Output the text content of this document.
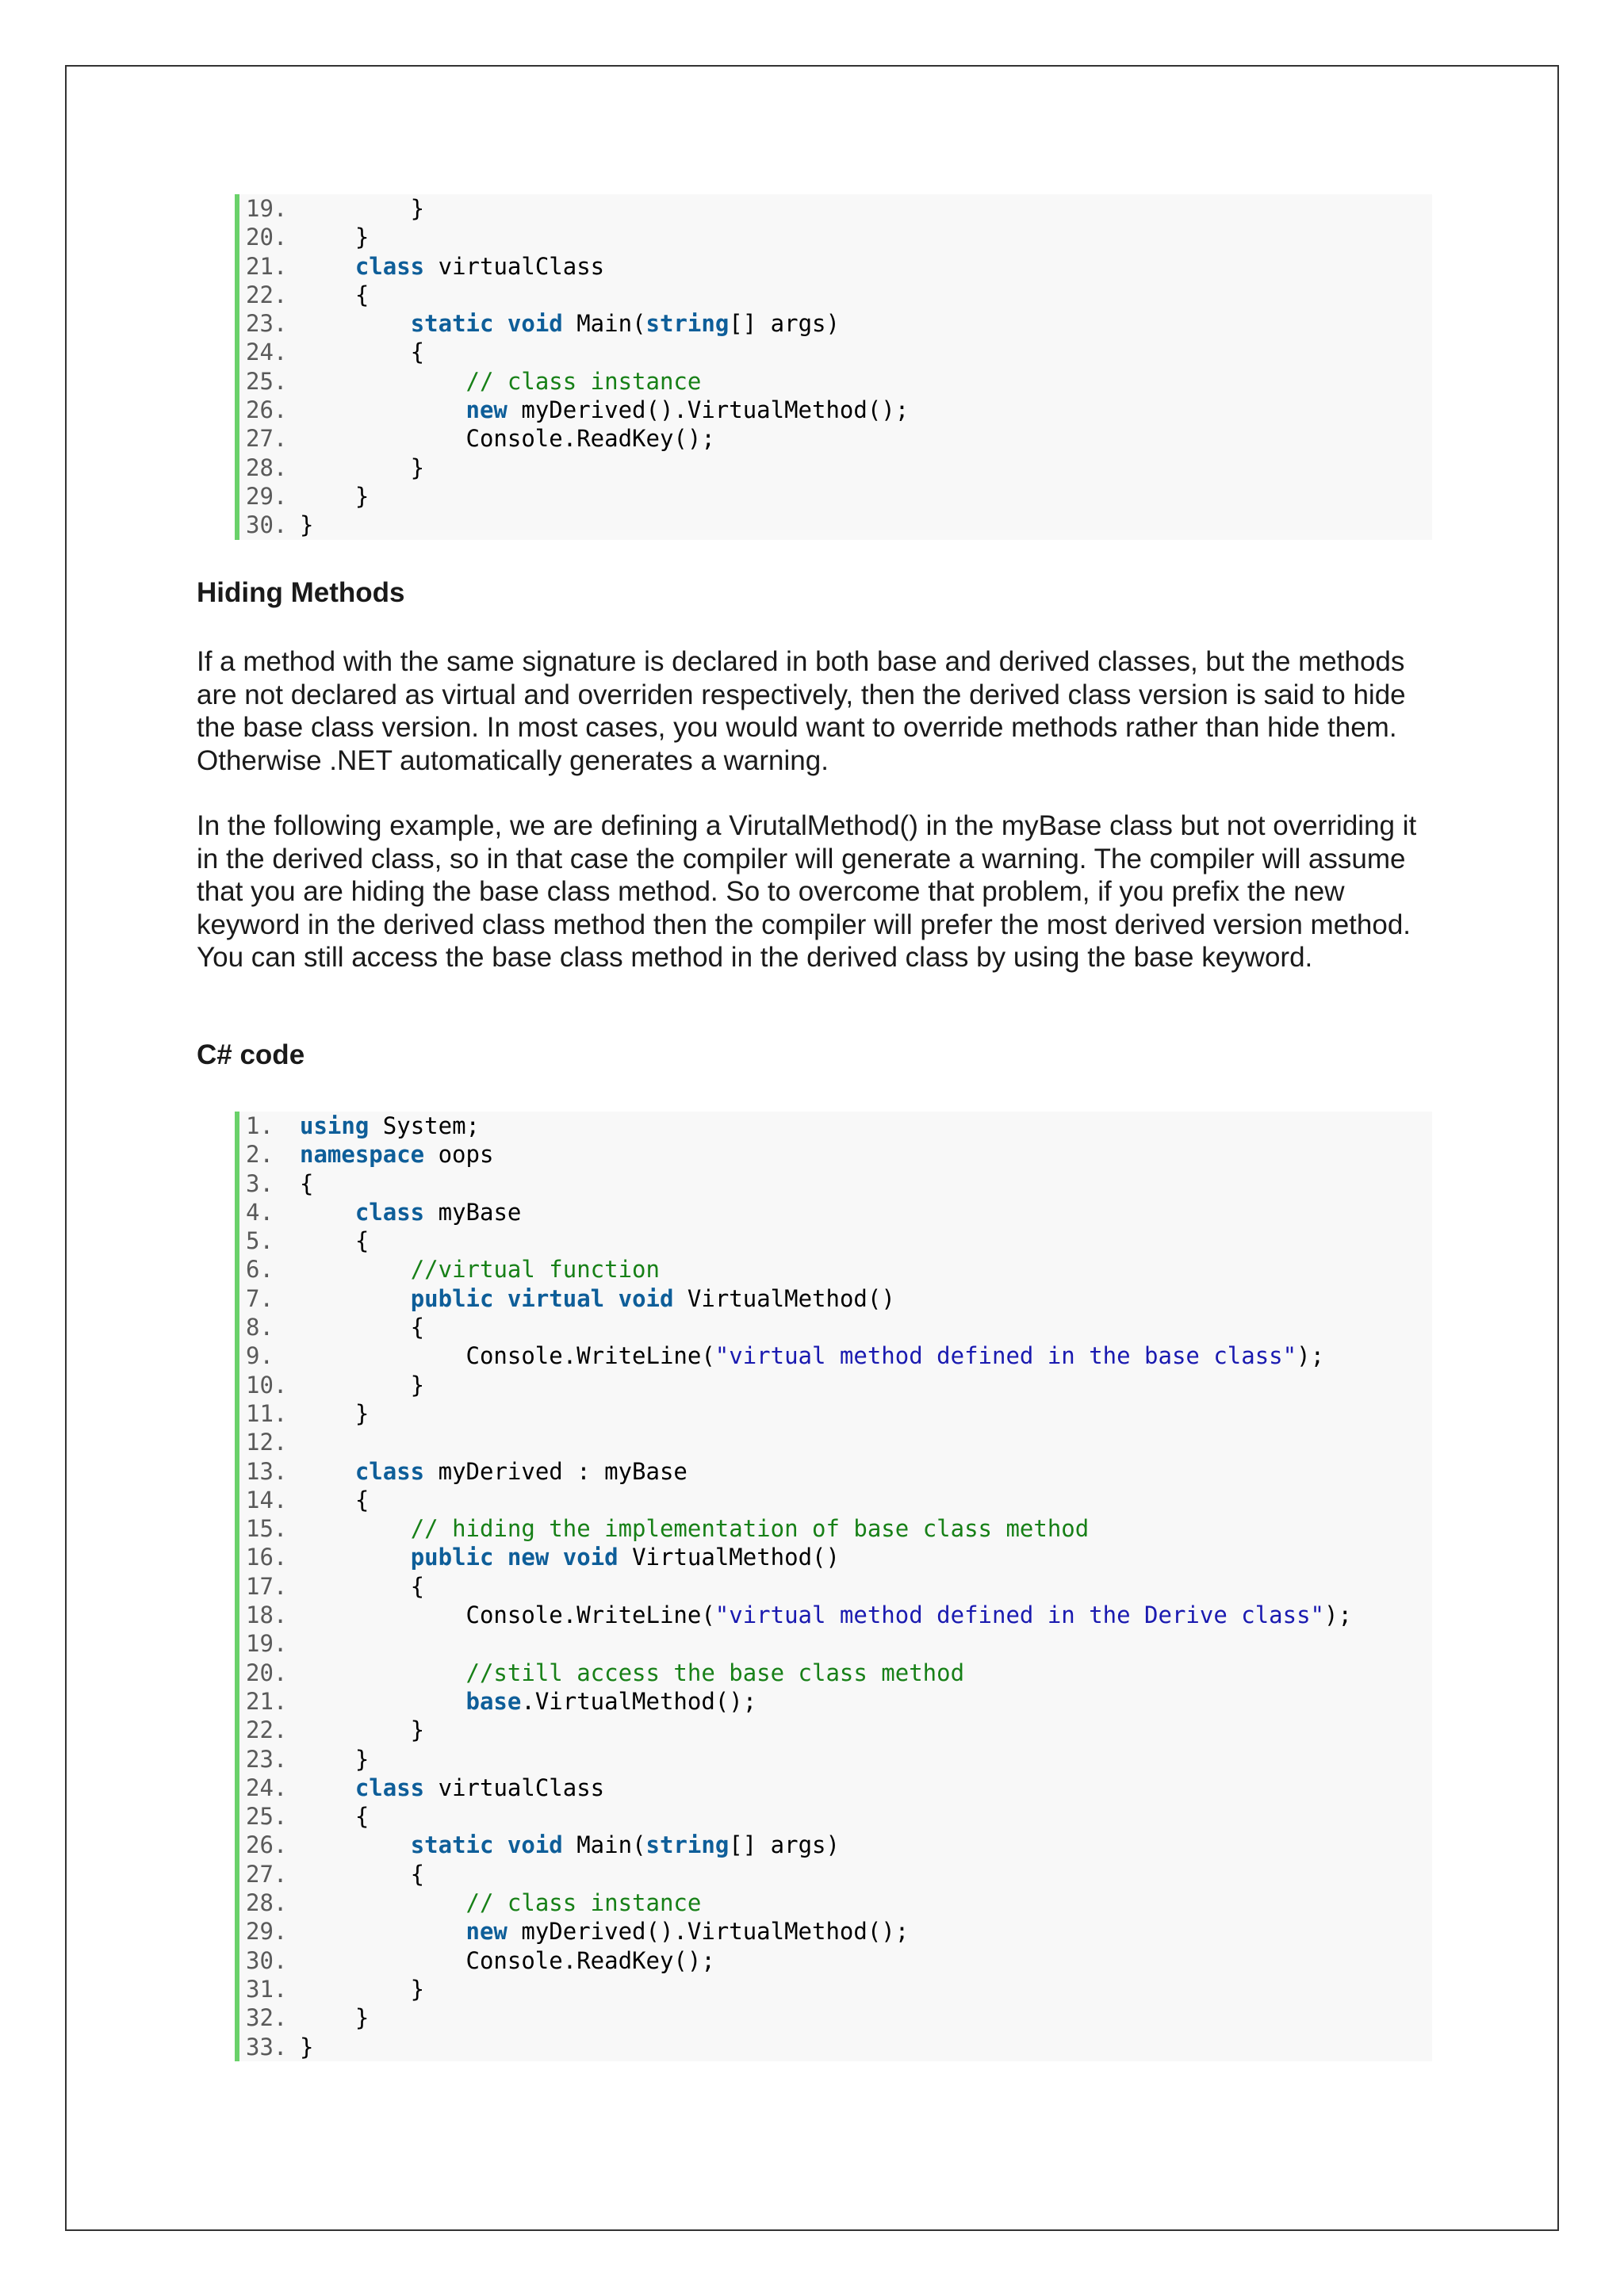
19.        }
20.    }
21.	class virtualClass
22.    {
23.	static void Main(string[] args)
24.        {
25.	// class instance
26.	new myDerived().VirtualMethod();
27.            Console.ReadKey();
28.        }
29.    }
30. }
Hiding Methods

If a method with the same signature is declared in both base and derived classes, but the methods are not declared as virtual and overriden respectively, then the derived class version is said to hide the base class version. In most cases, you would want to override methods rather than hide them. Otherwise .NET automatically generates a warning.

In the following example, we are defining a VirutalMethod() in the myBase class but not overriding it in the derived class, so in that case the compiler will generate a warning. The compiler will assume that you are hiding the base class method. So to overcome that problem, if you prefix the new keyword in the derived class method then the compiler will prefer the most derived version method. You can still access the base class method in the derived class by using the base keyword.

C# code
1. using System;
2. namespace oops
3. {
4.	class myBase
5.    {
6.	//virtual function
7.	public virtual void VirtualMethod()
8.        {
9.            Console.WriteLine("virtual method defined in the base class");
10.        }
11.    }
12.
13.	class myDerived : myBase
14.    {
15.	// hiding the implementation of base class method
16.	public new void VirtualMethod()
17.        {
18.            Console.WriteLine("virtual method defined in the Derive class");
19.
20.	//still access the base class method
21.	base.VirtualMethod();
22.        }
23.    }
24.	class virtualClass
25.    {
26.	static void Main(string[] args)
27.        {
28.	// class instance
29.	new myDerived().VirtualMethod();
30.            Console.ReadKey();
31.        }
32.    }
33. }
